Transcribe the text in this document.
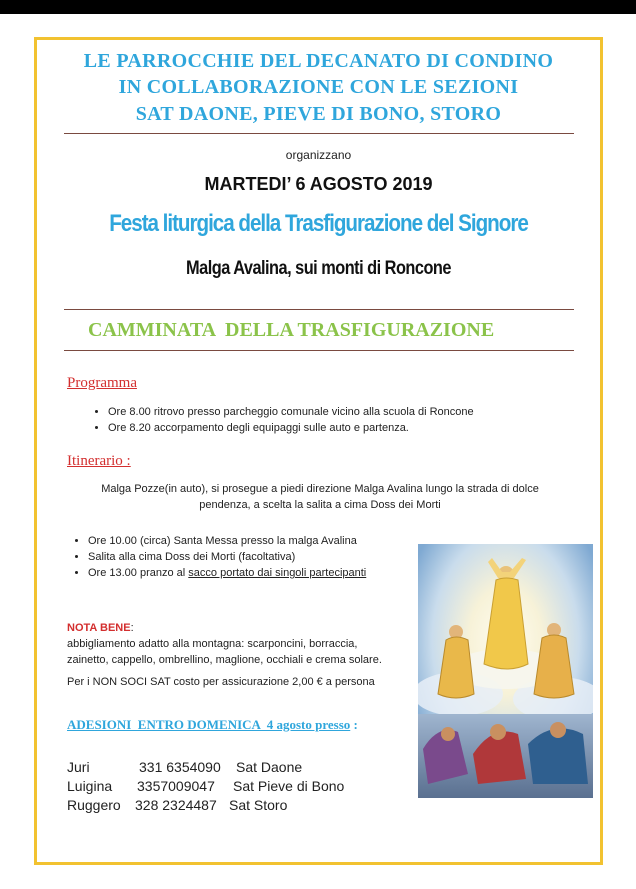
LE PARROCCHIE DEL DECANATO DI CONDINO
IN COLLABORAZIONE CON LE SEZIONI
SAT DAONE, PIEVE DI BONO, STORO
organizzano
MARTEDI’ 6 AGOSTO 2019
Festa liturgica della Trasfigurazione del Signore
Malga Avalina, sui monti di Roncone
CAMMINATA  DELLA TRASFIGURAZIONE
Programma
• Ore 8.00 ritrovo presso parcheggio comunale vicino alla scuola di Roncone
• Ore 8.20 accorpamento degli equipaggi sulle auto e partenza.
Itinerario :
Malga Pozze(in auto), si prosegue a piedi direzione Malga Avalina lungo la strada di dolce
pendenza, a scelta la salita a cima Doss dei Morti
• Ore 10.00 (circa) Santa Messa presso la malga Avalina
• Salita alla cima Doss dei Morti (facoltativa)
• Ore 13.00 pranzo al sacco portato dai singoli partecipanti
NOTA BENE:
abbigliamento adatto alla montagna: scarponcini, borraccia,
zainetto, cappello, ombrellino, maglione, occhiali e crema solare.
Per i NON SOCI SAT costo per assicurazione 2,00 € a persona
ADESIONI  ENTRO DOMENICA  4 agosto presso :
Juri	331 6354090 Sat Daone
Luigina 3357009047 Sat Pieve di Bono
Ruggero 328 2324487 Sat Storo
